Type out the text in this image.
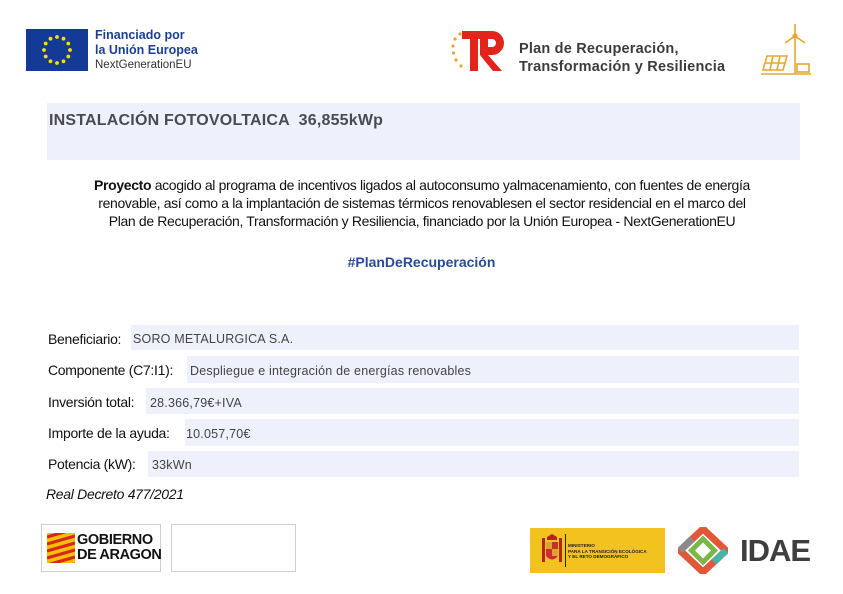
Financiado por
la Unión Europea
NextGenerationEU
Plan de Recuperación,
Transformación y Resiliencia
INSTALACIÓN FOTOVOLTAICA  36,855kWp
Proyecto acogido al programa de incentivos ligados al autoconsumo yalmacenamiento, con fuentes de energía
renovable, así como a la implantación de sistemas térmicos renovablesen el sector residencial en el marco del
Plan de Recuperación, Transformación y Resiliencia, financiado por la Unión Europea - NextGenerationEU
#PlanDeRecuperación
Beneficiario: SORO METALURGICA S.A.
Componente (C7:I1): Despliegue e integración de energías renovables
Inversión total: 28.366,79€+IVA
Importe de la ayuda: 10.057,70€
Potencia (kW): 33kWn
Real Decreto 477/2021
GOBIERNO
DE ARAGON
MINISTERIO
PARA LA TRANSICIÓN ECOLÓGICA
Y EL RETO DEMOGRÁFICO	IDAE
